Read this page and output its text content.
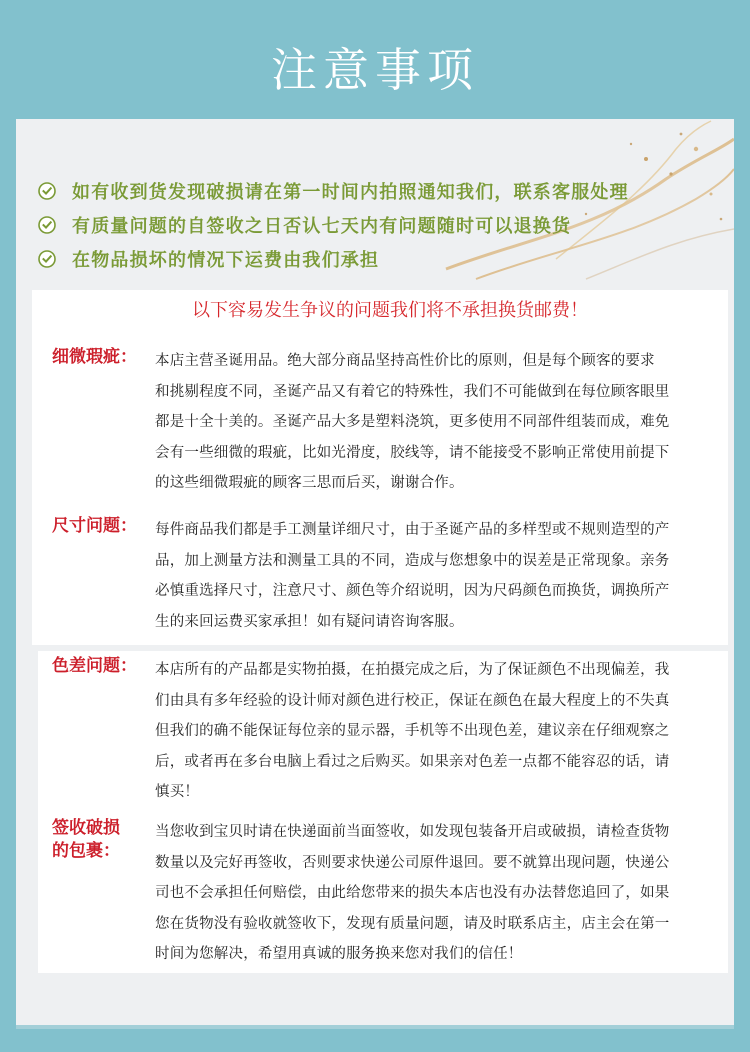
注意事项
如有收到货发现破损请在第一时间内拍照通知我们，联系客服处理
有质量问题的自签收之日否认七天内有问题随时可以退换货
在物品损坏的情况下运费由我们承担
以下容易发生争议的问题我们将不承担换货邮费！
细微瑕疵：	本店主营圣诞用品。绝大部分商品坚持高性价比的原则，但是每个顾客的要求
和挑剔程度不同，圣诞产品又有着它的特殊性，我们不可能做到在每位顾客眼里
都是十全十美的。圣诞产品大多是塑料浇筑，更多使用不同部件组装而成，难免
会有一些细微的瑕疵，比如光滑度，胶线等，请不能接受不影响正常使用前提下
的这些细微瑕疵的顾客三思而后买，谢谢合作。
尺寸问题：	每件商品我们都是手工测量详细尺寸，由于圣诞产品的多样型或不规则造型的产
品，加上测量方法和测量工具的不同，造成与您想象中的误差是正常现象。亲务
必慎重选择尺寸，注意尺寸、颜色等介绍说明，因为尺码颜色而换货，调换所产
生的来回运费买家承担！如有疑问请咨询客服。
色差问题：	本店所有的产品都是实物拍摄，在拍摄完成之后，为了保证颜色不出现偏差，我
们由具有多年经验的设计师对颜色进行校正，保证在颜色在最大程度上的不失真
但我们的确不能保证每位亲的显示器，手机等不出现色差，建议亲在仔细观察之
后，或者再在多台电脑上看过之后购买。如果亲对色差一点都不能容忍的话，请
慎买！
签收破损
的包裹：
当您收到宝贝时请在快递面前当面签收，如发现包装备开启或破损，请检查货物
数量以及完好再签收，否则要求快递公司原件退回。要不就算出现问题，快递公
司也不会承担任何赔偿，由此给您带来的损失本店也没有办法替您追回了，如果
您在货物没有验收就签收下，发现有质量问题，请及时联系店主，店主会在第一
时间为您解决，希望用真诚的服务换来您对我们的信任！
